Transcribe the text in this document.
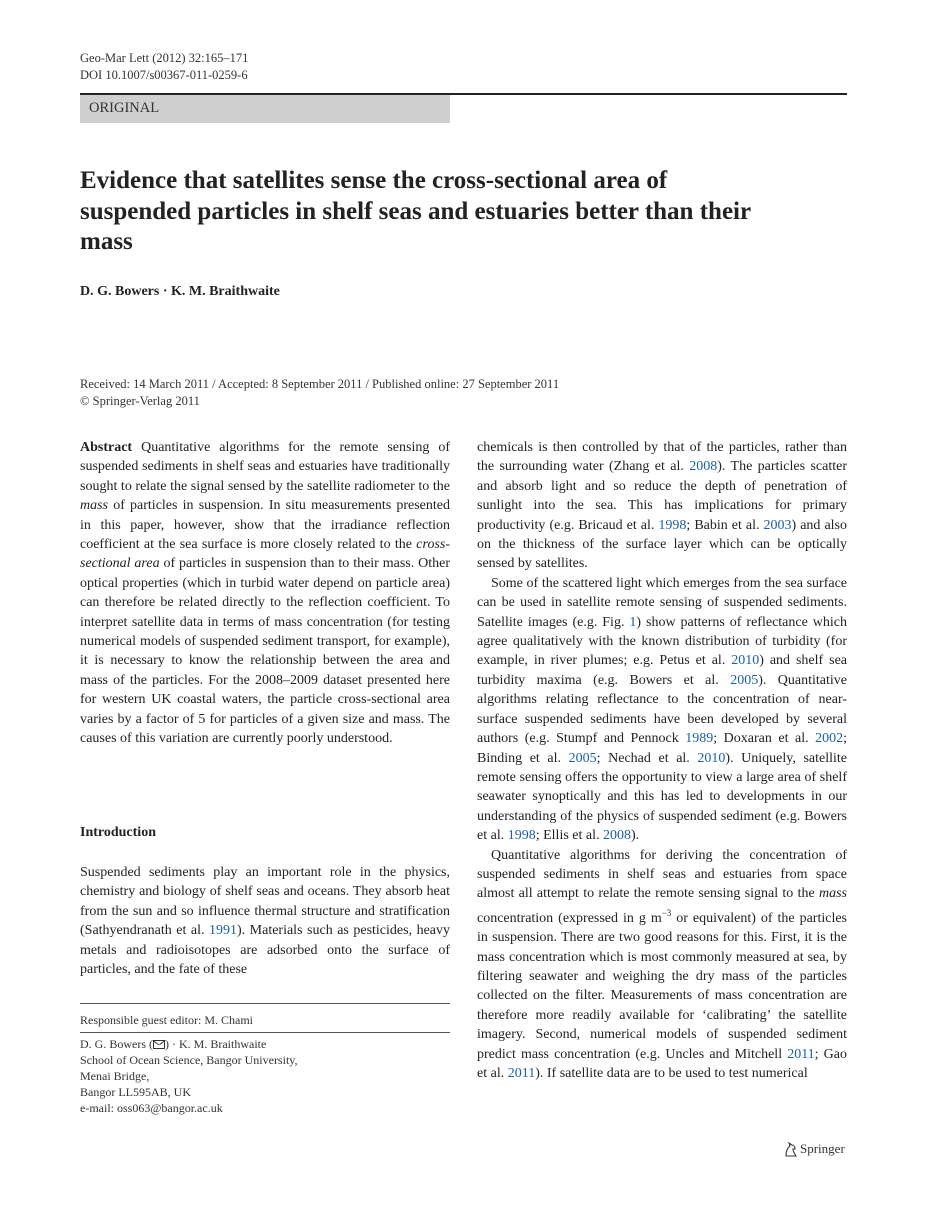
Geo-Mar Lett (2012) 32:165–171
DOI 10.1007/s00367-011-0259-6
ORIGINAL
Evidence that satellites sense the cross-sectional area of suspended particles in shelf seas and estuaries better than their mass
D. G. Bowers · K. M. Braithwaite
Received: 14 March 2011 / Accepted: 8 September 2011 / Published online: 27 September 2011
© Springer-Verlag 2011

Abstract Quantitative algorithms for the remote sensing of suspended sediments in shelf seas and estuaries have traditionally sought to relate the signal sensed by the satellite radiometer to the mass of particles in suspension. In situ measurements presented in this paper, however, show that the irradiance reflection coefficient at the sea surface is more closely related to the cross-sectional area of particles in suspension than to their mass. Other optical properties (which in turbid water depend on particle area) can therefore be related directly to the reflection coefficient. To interpret satellite data in terms of mass concentration (for testing numerical models of suspended sediment transport, for example), it is necessary to know the relationship between the area and mass of the particles. For the 2008–2009 dataset presented here for western UK coastal waters, the particle cross-sectional area varies by a factor of 5 for particles of a given size and mass. The causes of this variation are currently poorly understood.

Introduction

Suspended sediments play an important role in the physics, chemistry and biology of shelf seas and oceans. They absorb heat from the sun and so influence thermal structure and stratification (Sathyendranath et al. 1991). Materials such as pesticides, heavy metals and radioisotopes are adsorbed onto the surface of particles, and the fate of these

Responsible guest editor: M. Chami
D. G. Bowers ( ) · K. M. Braithwaite
School of Ocean Science, Bangor University,
Menai Bridge,
Bangor LL595AB, UK
e-mail: oss063@bangor.ac.uk

chemicals is then controlled by that of the particles, rather than the surrounding water (Zhang et al. 2008). The particles scatter and absorb light and so reduce the depth of penetration of sunlight into the sea. This has implications for primary productivity (e.g. Bricaud et al. 1998; Babin et al. 2003) and also on the thickness of the surface layer which can be optically sensed by satellites.

Some of the scattered light which emerges from the sea surface can be used in satellite remote sensing of suspended sediments. Satellite images (e.g. Fig. 1) show patterns of reflectance which agree qualitatively with the known distribution of turbidity (for example, in river plumes; e.g. Petus et al. 2010) and shelf sea turbidity maxima (e.g. Bowers et al. 2005). Quantitative algorithms relating reflectance to the concentration of near-surface suspended sediments have been developed by several authors (e.g. Stumpf and Pennock 1989; Doxaran et al. 2002; Binding et al. 2005; Nechad et al. 2010). Uniquely, satellite remote sensing offers the opportunity to view a large area of shelf seawater synoptically and this has led to developments in our understanding of the physics of suspended sediment (e.g. Bowers et al. 1998; Ellis et al. 2008).

Quantitative algorithms for deriving the concentration of suspended sediments in shelf seas and estuaries from space almost all attempt to relate the remote sensing signal to the mass concentration (expressed in g $m^{-3}$ or equivalent) of the particles in suspension. There are two good reasons for this. First, it is the mass concentration which is most commonly measured at sea, by filtering seawater and weighing the dry mass of the particles collected on the filter. Measurements of mass concentration are therefore more readily available for ‘calibrating’ the satellite imagery. Second, numerical models of suspended sediment predict mass concentration (e.g. Uncles and Mitchell 2011; Gao et al. 2011). If satellite data are to be used to test numerical

Springer
